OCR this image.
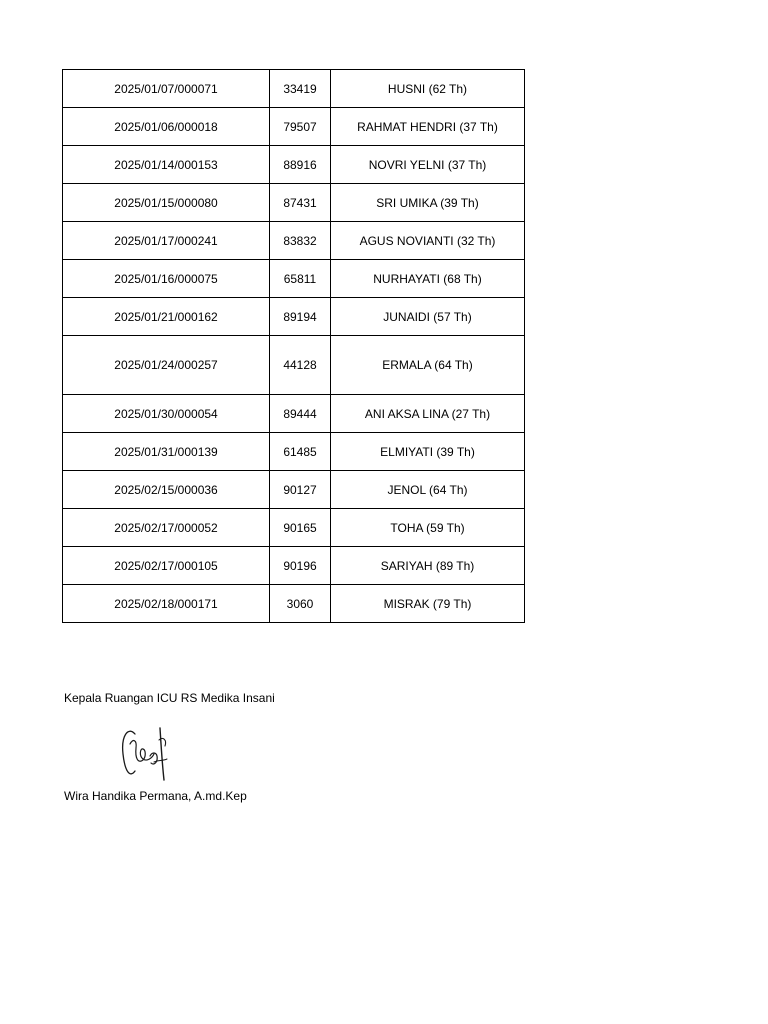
2025/01/07/000071	33419	HUSNI (62 Th)
2025/01/06/000018	79507	RAHMAT HENDRI (37 Th)
2025/01/14/000153	88916	NOVRI YELNI (37 Th)
2025/01/15/000080	87431	SRI UMIKA (39 Th)
2025/01/17/000241	83832	AGUS NOVIANTI (32 Th)
2025/01/16/000075	65811	NURHAYATI (68 Th)
2025/01/21/000162	89194	JUNAIDI (57 Th)
2025/01/24/000257	44128	ERMALA (64 Th)
2025/01/30/000054	89444	ANI AKSA LINA (27 Th)
2025/01/31/000139	61485	ELMIYATI (39 Th)
2025/02/15/000036	90127	JENOL (64 Th)
2025/02/17/000052	90165	TOHA (59 Th)
2025/02/17/000105	90196	SARIYAH (89 Th)
2025/02/18/000171	3060	MISRAK (79 Th)
Kepala Ruangan ICU RS Medika Insani
Wira Handika Permana, A.md.Kep
